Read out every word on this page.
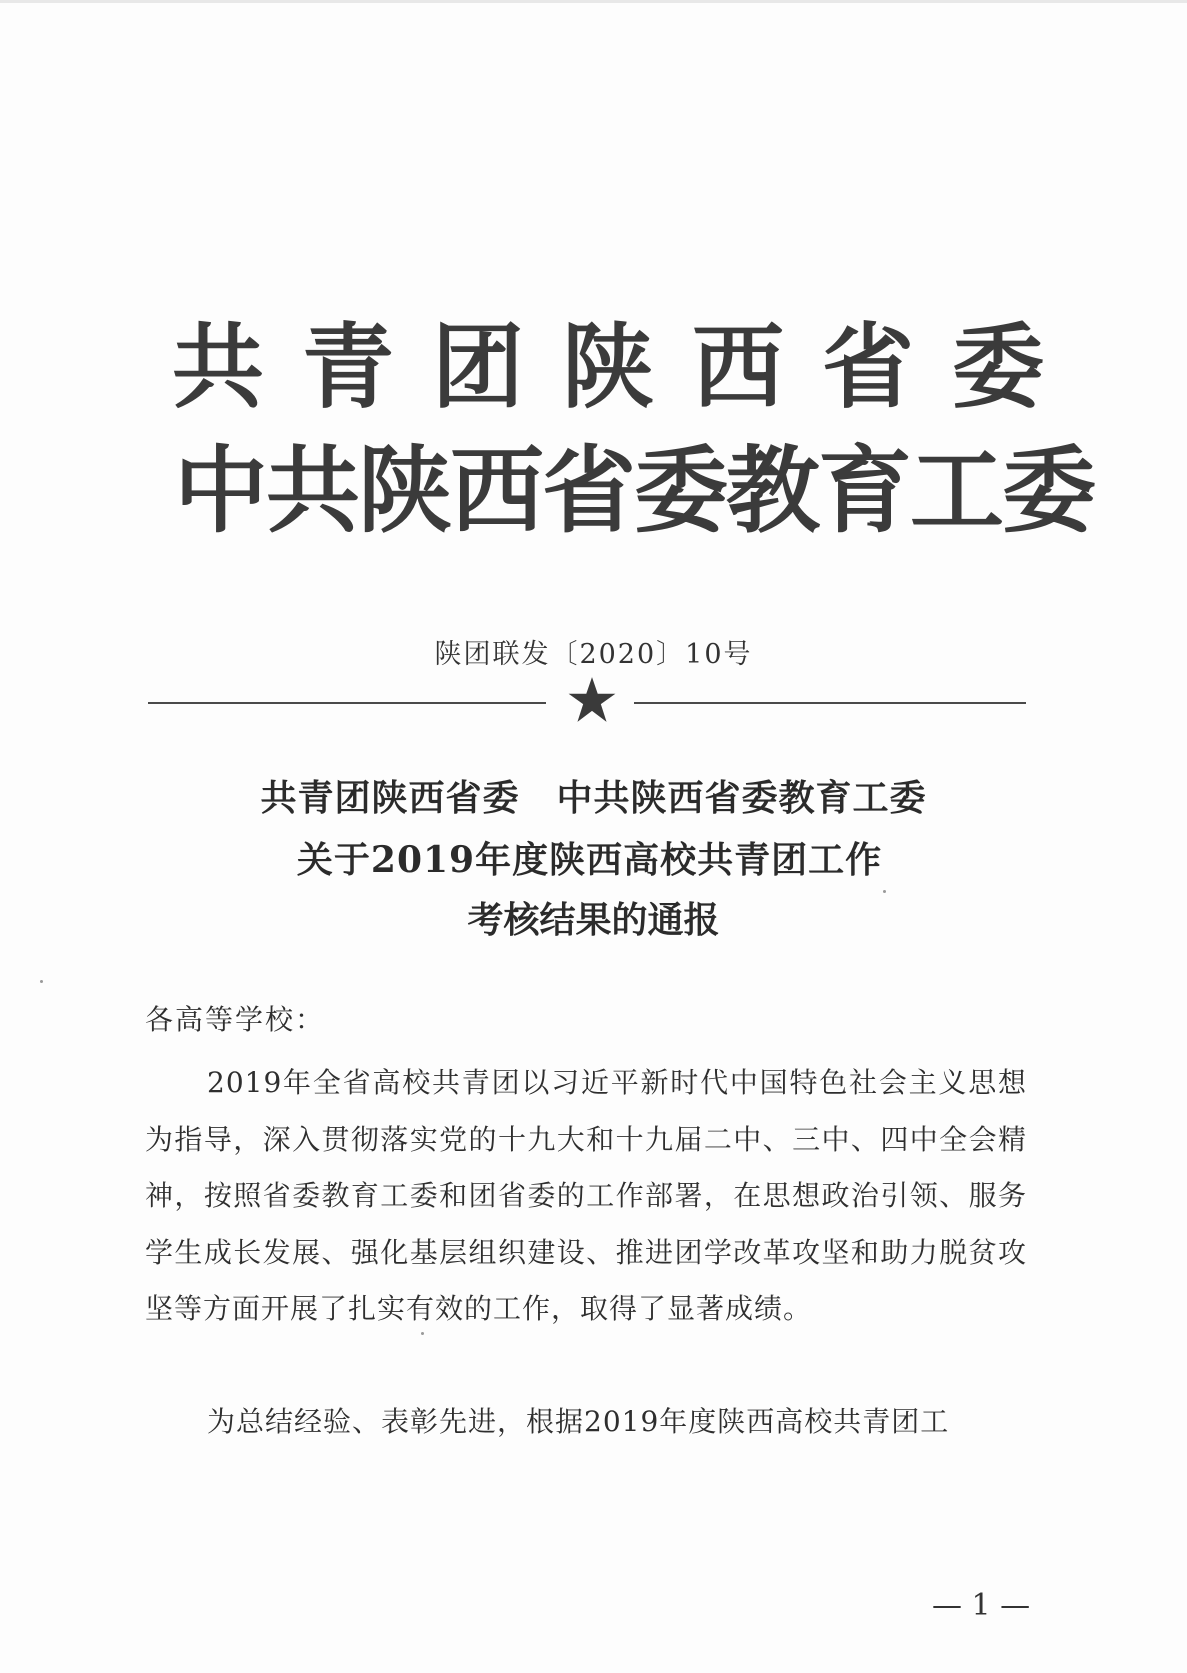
共青团陕西省委
中共陕西省委教育工委
陕团联发〔2020〕10号
共青团陕西省委　中共陕西省委教育工委
关于2019年度陕西高校共青团工作
考核结果的通报
各高等学校：
2019年全省高校共青团以习近平新时代中国特色社会主义思想为指导，深入贯彻落实党的十九大和十九届二中、三中、四中全会精神，按照省委教育工委和团省委的工作部署，在思想政治引领、服务学生成长发展、强化基层组织建设、推进团学改革攻坚和助力脱贫攻坚等方面开展了扎实有效的工作，取得了显著成绩。
为总结经验、表彰先进，根据2019年度陕西高校共青团工
— 1 —
